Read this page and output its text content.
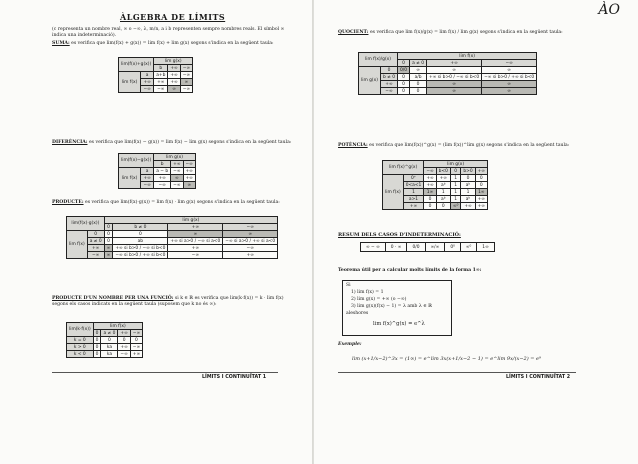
ÀO
ÀLGEBRA DE LÍMITS
(c representa un nombre real, ∞ o −∞, λ, m/n, a i b representen sempre nombres reals. El símbol ∞ indica una indeterminació).
SUMA: es verifica que lim(f(x) + g(x)) = lim f(x) + lim g(x) segons s'indica en la següent taula:
lim(f(x)+g(x))		lim g(x)		
		b	+∞	−∞
lim f(x)	a	a+b	+∞	−∞
	+∞	+∞	+∞	∞
	−∞	−∞	∞	−∞
DIFERÈNCIA: es verifica que lim(f(x) − g(x)) = lim f(x) − lim g(x) segons s'indica en la següent taula:
lim(f(x)−g(x))		lim g(x)		
		b	+∞	−∞
lim f(x)	a	a − b	−∞	+∞
	+∞	+∞	∞	+∞
	−∞	−∞	−∞	∞
PRODUCTE: es verifica que lim(f(x)·g(x)) = lim f(x) · lim g(x) segons s'indica en la següent taula:
lim(f(x)·g(x))		lim g(x)			
		0	b ≠ 0	+∞	−∞
lim f(x)	0	0	0	∞	∞
	a ≠ 0	0	ab	+∞ si a>0 / −∞ si a<0	−∞ si a>0 / +∞ si a<0
	+∞	∞	+∞ si b>0 / −∞ si b<0	+∞	−∞
	−∞	∞	−∞ si b>0 / +∞ si b<0	−∞	+∞
PRODUCTE D'UN NOMBRE PER UNA FUNCIÓ: si k ∈ ℝ es verifica que lim(k·f(x)) = k · lim f(x) segons els casos indicats en la següent taula (suposem que k no és ∞):
lim(k·f(x))	lim f(x)			
	0	a ≠ 0	+∞	−∞
k = 0	0	0	0	0
k > 0	0	ka	+∞	−∞
k < 0	0	ka	−∞	+∞
LÍMITS I CONTINUÏTAT 1
QUOCIENT: es verifica que lim f(x)/g(x) = lim f(x) / lim g(x) segons s'indica en la següent taula:
lim f(x)/g(x)		lim f(x)			
		0	a ≠ 0	+∞	−∞
lim g(x)	0	0/0	∞	∞	∞
	b ≠ 0	0	a/b	+∞ si b>0 / −∞ si b<0	−∞ si b>0 / +∞ si b<0
	+∞	0	0	∞	∞
	−∞	0	0	∞	∞
POTÈNCIA: es verifica que lim(f(x))^g(x) = (lim f(x))^lim g(x) segons s'indica en la següent taula:
lim f(x)^g(x)		lim g(x)				
		−∞	b<0	0	b>0	+∞
lim f(x)	0⁺	+∞	+∞	1	0	0
	0<a<1	+∞	aᵇ	1	aᵇ	0
	1	1∞	1	1	1	1∞
	a>1	0	aᵇ	1	aᵇ	+∞
	+∞	0	0	∞⁰	+∞	+∞
RESUM DELS CASOS D'INDETERMINACIÓ:
∞ − ∞	0 · ∞	0/0	∞/∞	0⁰	∞⁰	1∞
Teorema útil per a calcular molts límits de la forma 1∞:
Si
1) lim f(x) = 1
2) lim g(x) = +∞ (o −∞)
3) lim g(x)(f(x) − 1) = λ amb λ ∈ ℝ
aleshores
lim f(x)^g(x) = e^λ
Exemple:
lim (x+1/x−2)^3x = (1∞) = e^lim 3x(x+1/x−2 − 1) = e^lim 9x/(x−2) = e⁹
LÍMITS I CONTINUÏTAT 2
